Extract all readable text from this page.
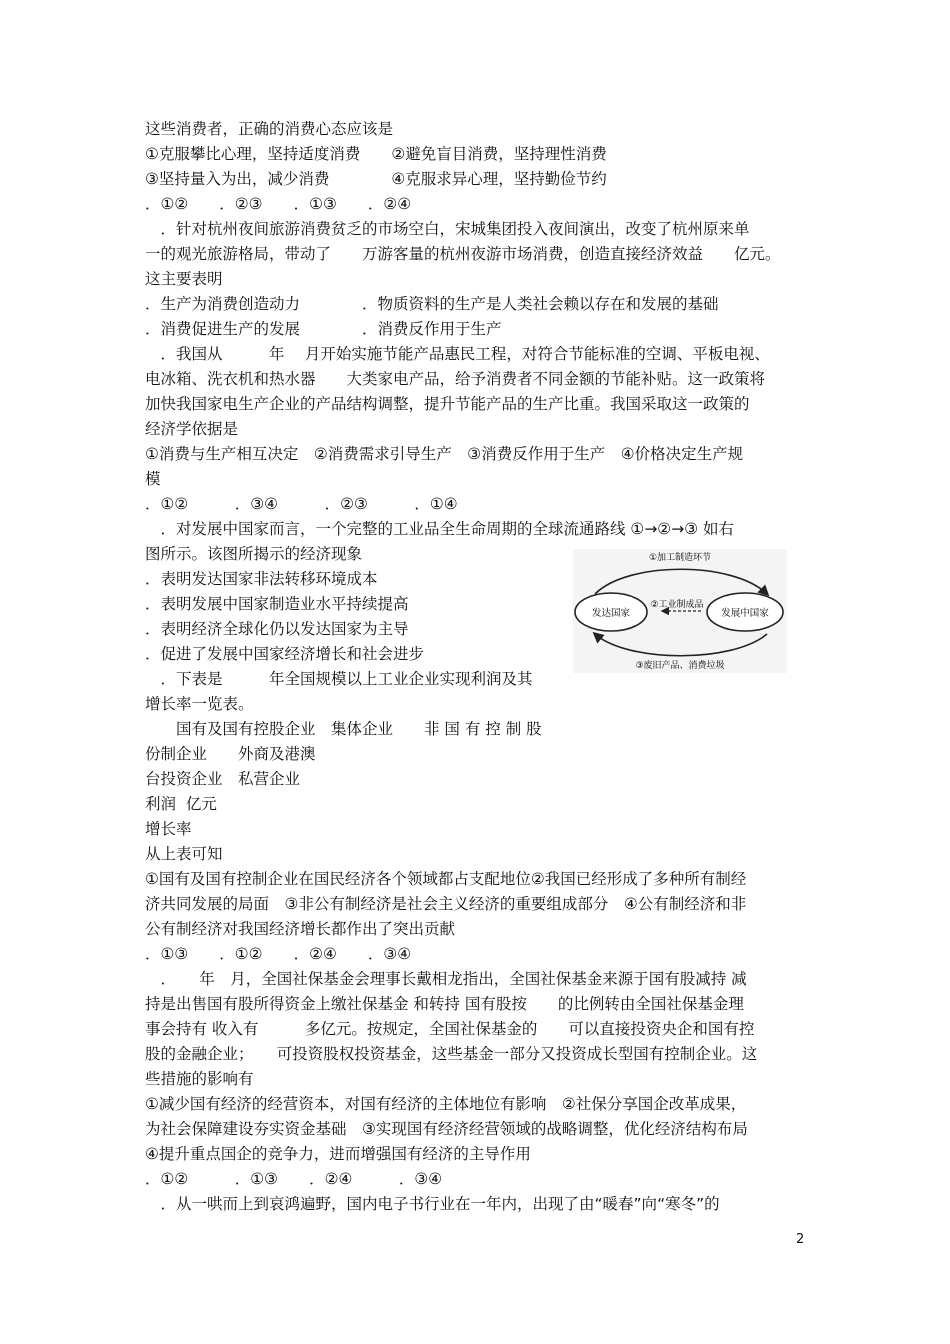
这些消费者，正确的消费心态应该是
①克服攀比心理，坚持适度消费　　②避免盲目消费，坚持理性消费
③坚持量入为出，减少消费　　　　④克服求异心理，坚持勤俭节约
．①②　　．②③　　．①③　　．②④
　．针对杭州夜间旅游消费贫乏的市场空白，宋城集团投入夜间演出，改变了杭州原来单
一的观光旅游格局，带动了　　万游客量的杭州夜游市场消费，创造直接经济效益　　亿元。
这主要表明
．生产为消费创造动力　　　　．物质资料的生产是人类社会赖以存在和发展的基础
．消费促进生产的发展　　　　．消费反作用于生产
　．我国从　　　年　 月开始实施节能产品惠民工程，对符合节能标准的空调、平板电视、
电冰箱、洗衣机和热水器　　大类家电产品，给予消费者不同金额的节能补贴。这一政策将
加快我国家电生产企业的产品结构调整，提升节能产品的生产比重。我国采取这一政策的
经济学依据是
①消费与生产相互决定　②消费需求引导生产　③消费反作用于生产　④价格决定生产规
模
．①②　　　．③④　　　．②③　　　．①④
　．对发展中国家而言，一个完整的工业品全生命周期的全球流通路线 ①→②→③ 如右
图所示。该图所揭示的经济现象
．表明发达国家非法转移环境成本
．表明发展中国家制造业水平持续提高
．表明经济全球化仍以发达国家为主导
．促进了发展中国家经济增长和社会进步
　．下表是　　　年全国规模以上工业企业实现利润及其
增长率一览表。
　　国有及国有控股企业　集体企业　　非 国 有 控 制 股
份制企业　　外商及港澳
台投资企业　私营企业
利润  亿元
增长率
从上表可知
①国有及国有控制企业在国民经济各个领域都占支配地位②我国已经形成了多种所有制经
济共同发展的局面　③非公有制经济是社会主义经济的重要组成部分　④公有制经济和非
公有制经济对我国经济增长都作出了突出贡献
．①③　　．①②　　．②④　　．③④
　．　　年　月，全国社保基金会理事长戴相龙指出，全国社保基金来源于国有股减持 减
持是出售国有股所得资金上缴社保基金 和转持 国有股按　　的比例转由全国社保基金理
事会持有 收入有　　　多亿元。按规定，全国社保基金的　　可以直接投资央企和国有控
股的金融企业；　　可投资股权投资基金，这些基金一部分又投资成长型国有控制企业。这
些措施的影响有
①减少国有经济的经营资本，对国有经济的主体地位有影响　②社保分享国企改革成果，
为社会保障建设夯实资金基础　③实现国有经济经营领域的战略调整，优化经济结构布局
④提升重点国企的竞争力，进而增强国有经济的主导作用
．①②　　　．①③　　．②④　　　．③④
　．从一哄而上到哀鸿遍野，国内电子书行业在一年内，出现了由“暖春”向“寒冬”的
①加工制造环节
发达国家	发展中国家
②工业制成品
③废旧产品、消费垃圾
2
